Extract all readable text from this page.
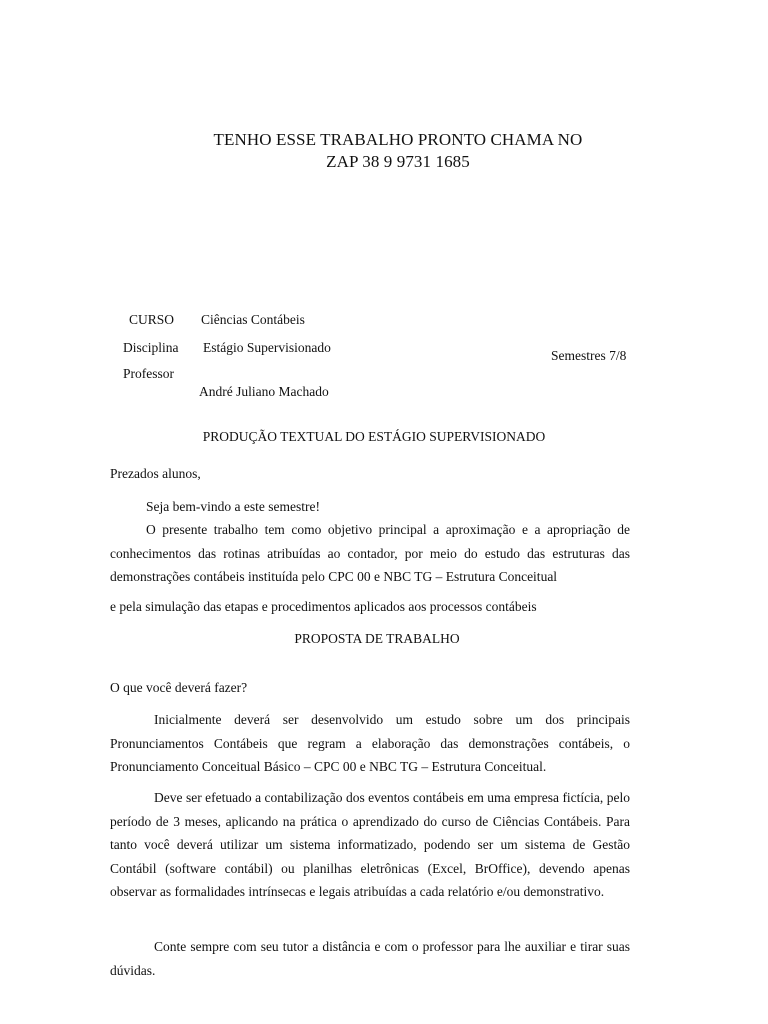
TENHO ESSE TRABALHO PRONTO CHAMA NO
ZAP 38 9 9731 1685
CURSO Ciências Contábeis
Disciplina Estágio Supervisionado
Semestres 7/8
Professor
André Juliano Machado
PRODUÇÃO TEXTUAL DO ESTÁGIO SUPERVISIONADO
Prezados alunos,
Seja bem-vindo a este semestre!
O presente trabalho tem como objetivo principal a aproximação e a apropriação de conhecimentos das rotinas atribuídas ao contador, por meio do estudo das estruturas das demonstrações contábeis instituída pelo CPC 00 e NBC TG – Estrutura Conceitual
e pela simulação das etapas e procedimentos aplicados aos processos contábeis
PROPOSTA DE TRABALHO
O que você deverá fazer?
Inicialmente deverá ser desenvolvido um estudo sobre um dos principais Pronunciamentos Contábeis que regram a elaboração das demonstrações contábeis, o Pronunciamento Conceitual Básico – CPC 00 e NBC TG – Estrutura Conceitual.
Deve ser efetuado a contabilização dos eventos contábeis em uma empresa fictícia, pelo período de 3 meses, aplicando na prática o aprendizado do curso de Ciências Contábeis. Para tanto você deverá utilizar um sistema informatizado, podendo ser um sistema de Gestão Contábil (software contábil) ou planilhas eletrônicas (Excel, BrOffice), devendo apenas observar as formalidades intrínsecas e legais atribuídas a cada relatório e/ou demonstrativo.
Conte sempre com seu tutor a distância e com o professor para lhe auxiliar e tirar suas dúvidas.
